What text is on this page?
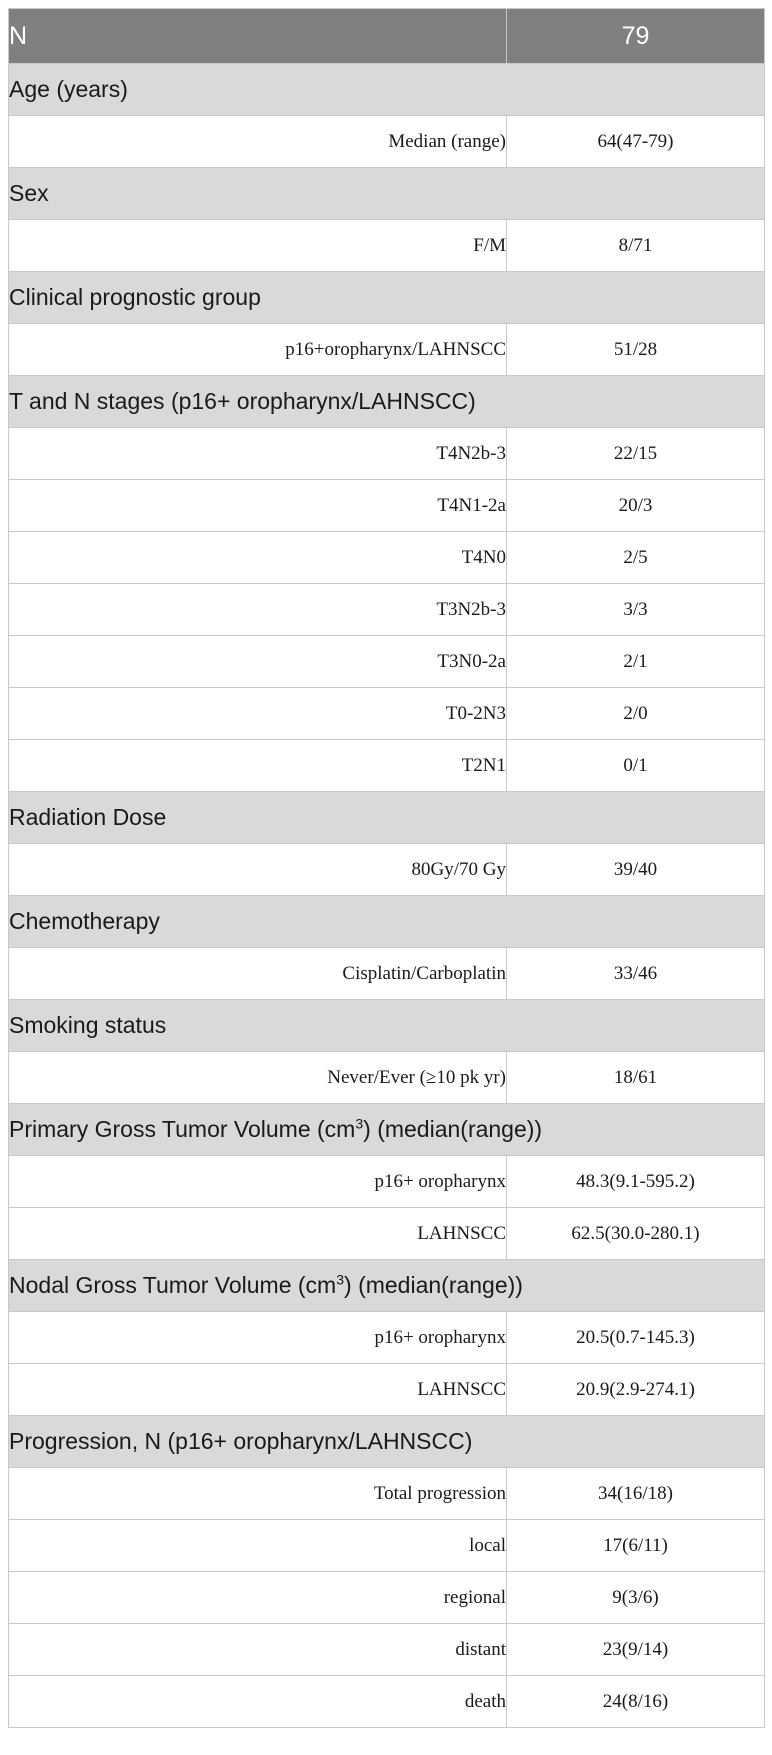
N	79
Age (years)	
Median (range)	64(47-79)
Sex	
F/M	8/71
Clinical prognostic group	
p16+oropharynx/LAHNSCC	51/28
T and N stages (p16+ oropharynx/LAHNSCC)	
T4N2b-3	22/15
T4N1-2a	20/3
T4N0	2/5
T3N2b-3	3/3
T3N0-2a	2/1
T0-2N3	2/0
T2N1	0/1
Radiation Dose	
80Gy/70 Gy	39/40
Chemotherapy	
Cisplatin/Carboplatin	33/46
Smoking status	
Never/Ever (≥10 pk yr)	18/61
Primary Gross Tumor Volume $(cm^3)$ (median(range))	
p16+ oropharynx	48.3(9.1-595.2)
LAHNSCC	62.5(30.0-280.1)
Nodal Gross Tumor Volume $(cm^3)$ (median(range))	
p16+ oropharynx	20.5(0.7-145.3)
LAHNSCC	20.9(2.9-274.1)
Progression, N (p16+ oropharynx/LAHNSCC)	
Total progression	34(16/18)
local	17(6/11)
regional	9(3/6)
distant	23(9/14)
death	24(8/16)
